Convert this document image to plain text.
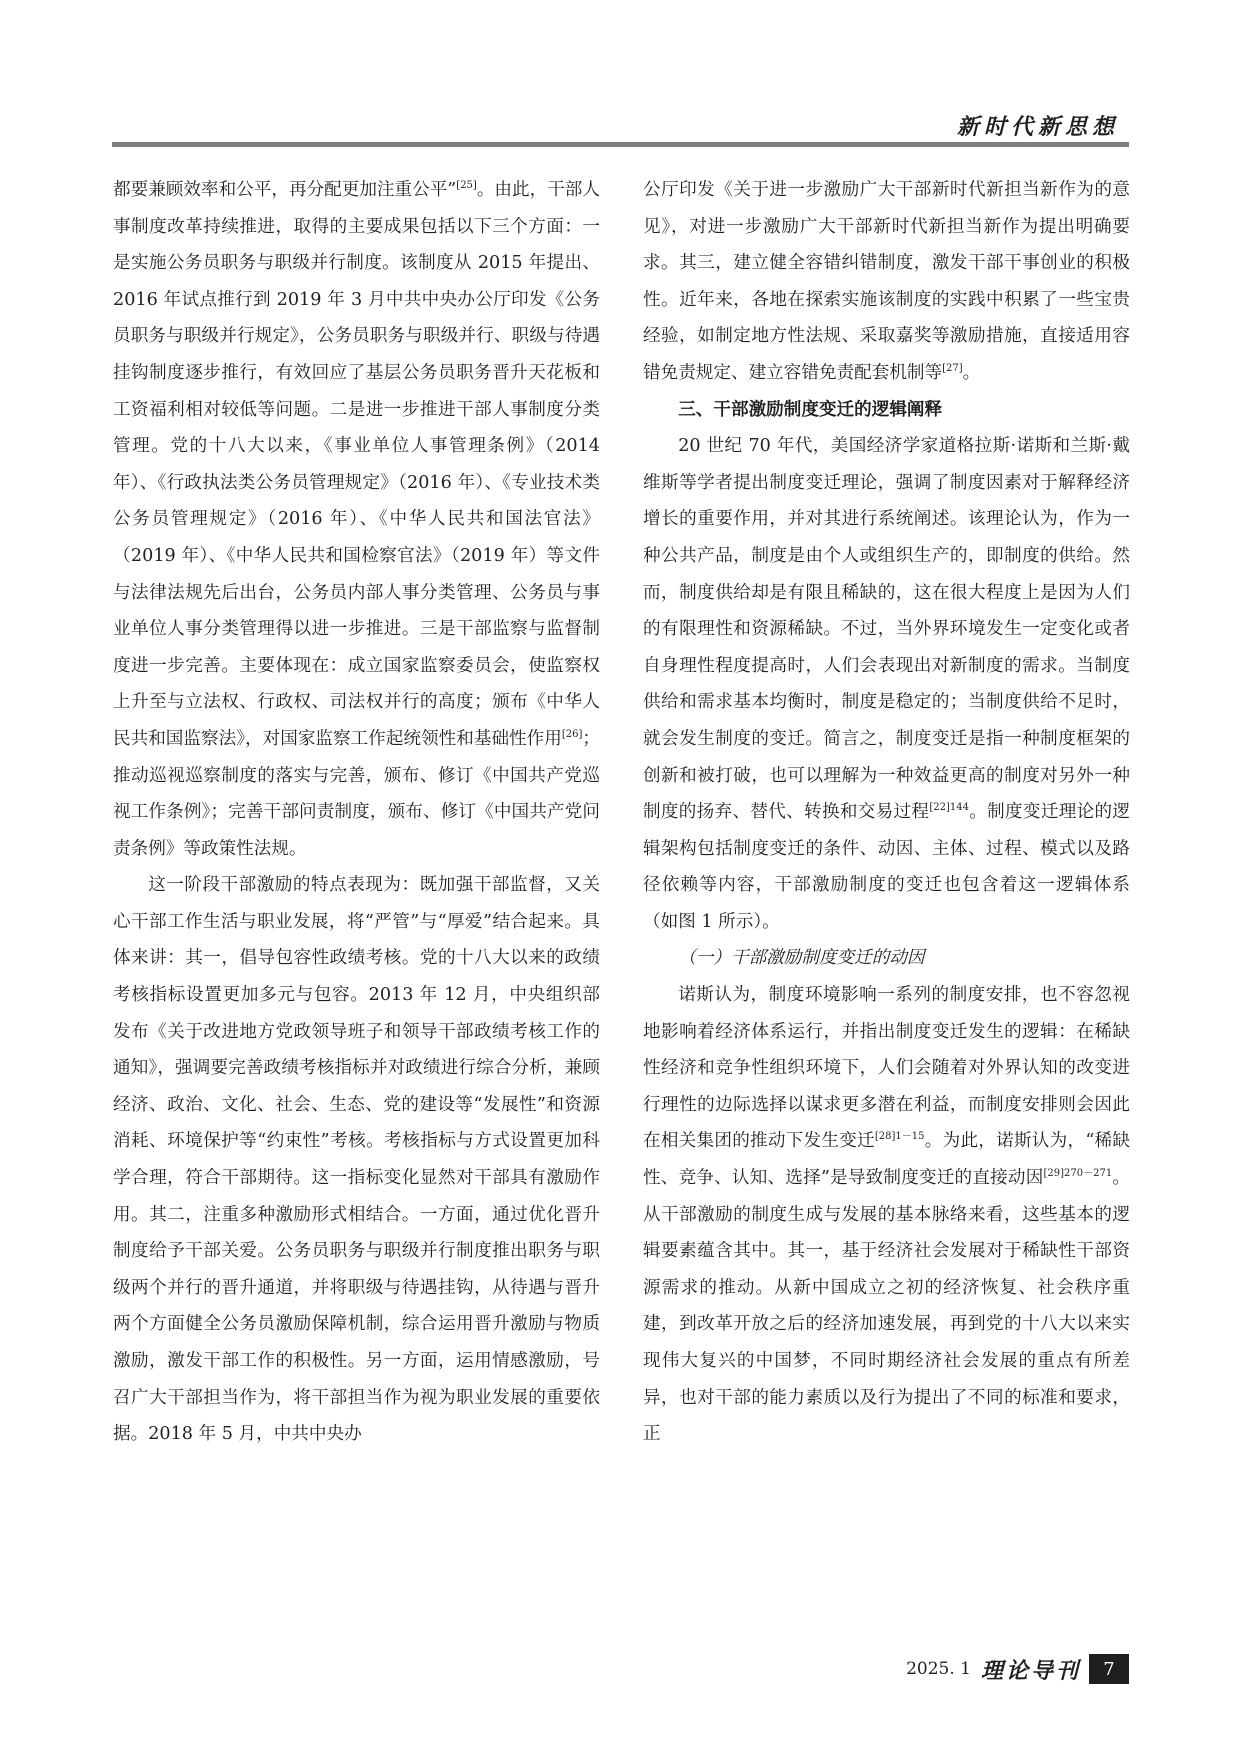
新时代新思想

都要兼顾效率和公平，再分配更加注重公平”[25]。由此，干部人事制度改革持续推进，取得的主要成果包括以下三个方面：一是实施公务员职务与职级并行制度。该制度从 2015 年提出、2016 年试点推行到 2019 年 3 月中共中央办公厅印发《公务员职务与职级并行规定》，公务员职务与职级并行、职级与待遇挂钩制度逐步推行，有效回应了基层公务员职务晋升天花板和工资福利相对较低等问题。二是进一步推进干部人事制度分类管理。党的十八大以来，《事业单位人事管理条例》（2014 年）、《行政执法类公务员管理规定》（2016 年）、《专业技术类公务员管理规定》（2016 年）、《中华人民共和国法官法》（2019 年）、《中华人民共和国检察官法》（2019 年）等文件与法律法规先后出台，公务员内部人事分类管理、公务员与事业单位人事分类管理得以进一步推进。三是干部监察与监督制度进一步完善。主要体现在：成立国家监察委员会，使监察权上升至与立法权、行政权、司法权并行的高度；颁布《中华人民共和国监察法》，对国家监察工作起统领性和基础性作用[26]；推动巡视巡察制度的落实与完善，颁布、修订《中国共产党巡视工作条例》；完善干部问责制度，颁布、修订《中国共产党问责条例》等政策性法规。

这一阶段干部激励的特点表现为：既加强干部监督，又关心干部工作生活与职业发展，将“严管”与“厚爱”结合起来。具体来讲：其一，倡导包容性政绩考核。党的十八大以来的政绩考核指标设置更加多元与包容。2013 年 12 月，中央组织部发布《关于改进地方党政领导班子和领导干部政绩考核工作的通知》，强调要完善政绩考核指标并对政绩进行综合分析，兼顾经济、政治、文化、社会、生态、党的建设等“发展性”和资源消耗、环境保护等“约束性”考核。考核指标与方式设置更加科学合理，符合干部期待。这一指标变化显然对干部具有激励作用。其二，注重多种激励形式相结合。一方面，通过优化晋升制度给予干部关爱。公务员职务与职级并行制度推出职务与职级两个并行的晋升通道，并将职级与待遇挂钩，从待遇与晋升两个方面健全公务员激励保障机制，综合运用晋升激励与物质激励，激发干部工作的积极性。另一方面，运用情感激励，号召广大干部担当作为，将干部担当作为视为职业发展的重要依据。2018 年 5 月，中共中央办

公厅印发《关于进一步激励广大干部新时代新担当新作为的意见》，对进一步激励广大干部新时代新担当新作为提出明确要求。其三，建立健全容错纠错制度，激发干部干事创业的积极性。近年来，各地在探索实施该制度的实践中积累了一些宝贵经验，如制定地方性法规、采取嘉奖等激励措施，直接适用容错免责规定、建立容错免责配套机制等[27]。

三、干部激励制度变迁的逻辑阐释

20 世纪 70 年代，美国经济学家道格拉斯·诺斯和兰斯·戴维斯等学者提出制度变迁理论，强调了制度因素对于解释经济增长的重要作用，并对其进行系统阐述。该理论认为，作为一种公共产品，制度是由个人或组织生产的，即制度的供给。然而，制度供给却是有限且稀缺的，这在很大程度上是因为人们的有限理性和资源稀缺。不过，当外界环境发生一定变化或者自身理性程度提高时，人们会表现出对新制度的需求。当制度供给和需求基本均衡时，制度是稳定的；当制度供给不足时，就会发生制度的变迁。简言之，制度变迁是指一种制度框架的创新和被打破，也可以理解为一种效益更高的制度对另外一种制度的扬弃、替代、转换和交易过程$^{[22]144}$。制度变迁理论的逻辑架构包括制度变迁的条件、动因、主体、过程、模式以及路径依赖等内容，干部激励制度的变迁也包含着这一逻辑体系（如图 1 所示）。

（一）干部激励制度变迁的动因

诺斯认为，制度环境影响一系列的制度安排，也不容忽视地影响着经济体系运行，并指出制度变迁发生的逻辑：在稀缺性经济和竞争性组织环境下，人们会随着对外界认知的改变进行理性的边际选择以谋求更多潜在利益，而制度安排则会因此在相关集团的推动下发生变迁$^{[28]1-15}$。为此，诺斯认为，“稀缺性、竞争、认知、选择”是导致制度变迁的直接动因$^{[29]270-271}$。从干部激励的制度生成与发展的基本脉络来看，这些基本的逻辑要素蕴含其中。其一，基于经济社会发展对于稀缺性干部资源需求的推动。从新中国成立之初的经济恢复、社会秩序重建，到改革开放之后的经济加速发展，再到党的十八大以来实现伟大复兴的中国梦，不同时期经济社会发展的重点有所差异，也对干部的能力素质以及行为提出了不同的标准和要求，正

2025. 1 理论导刊	7
